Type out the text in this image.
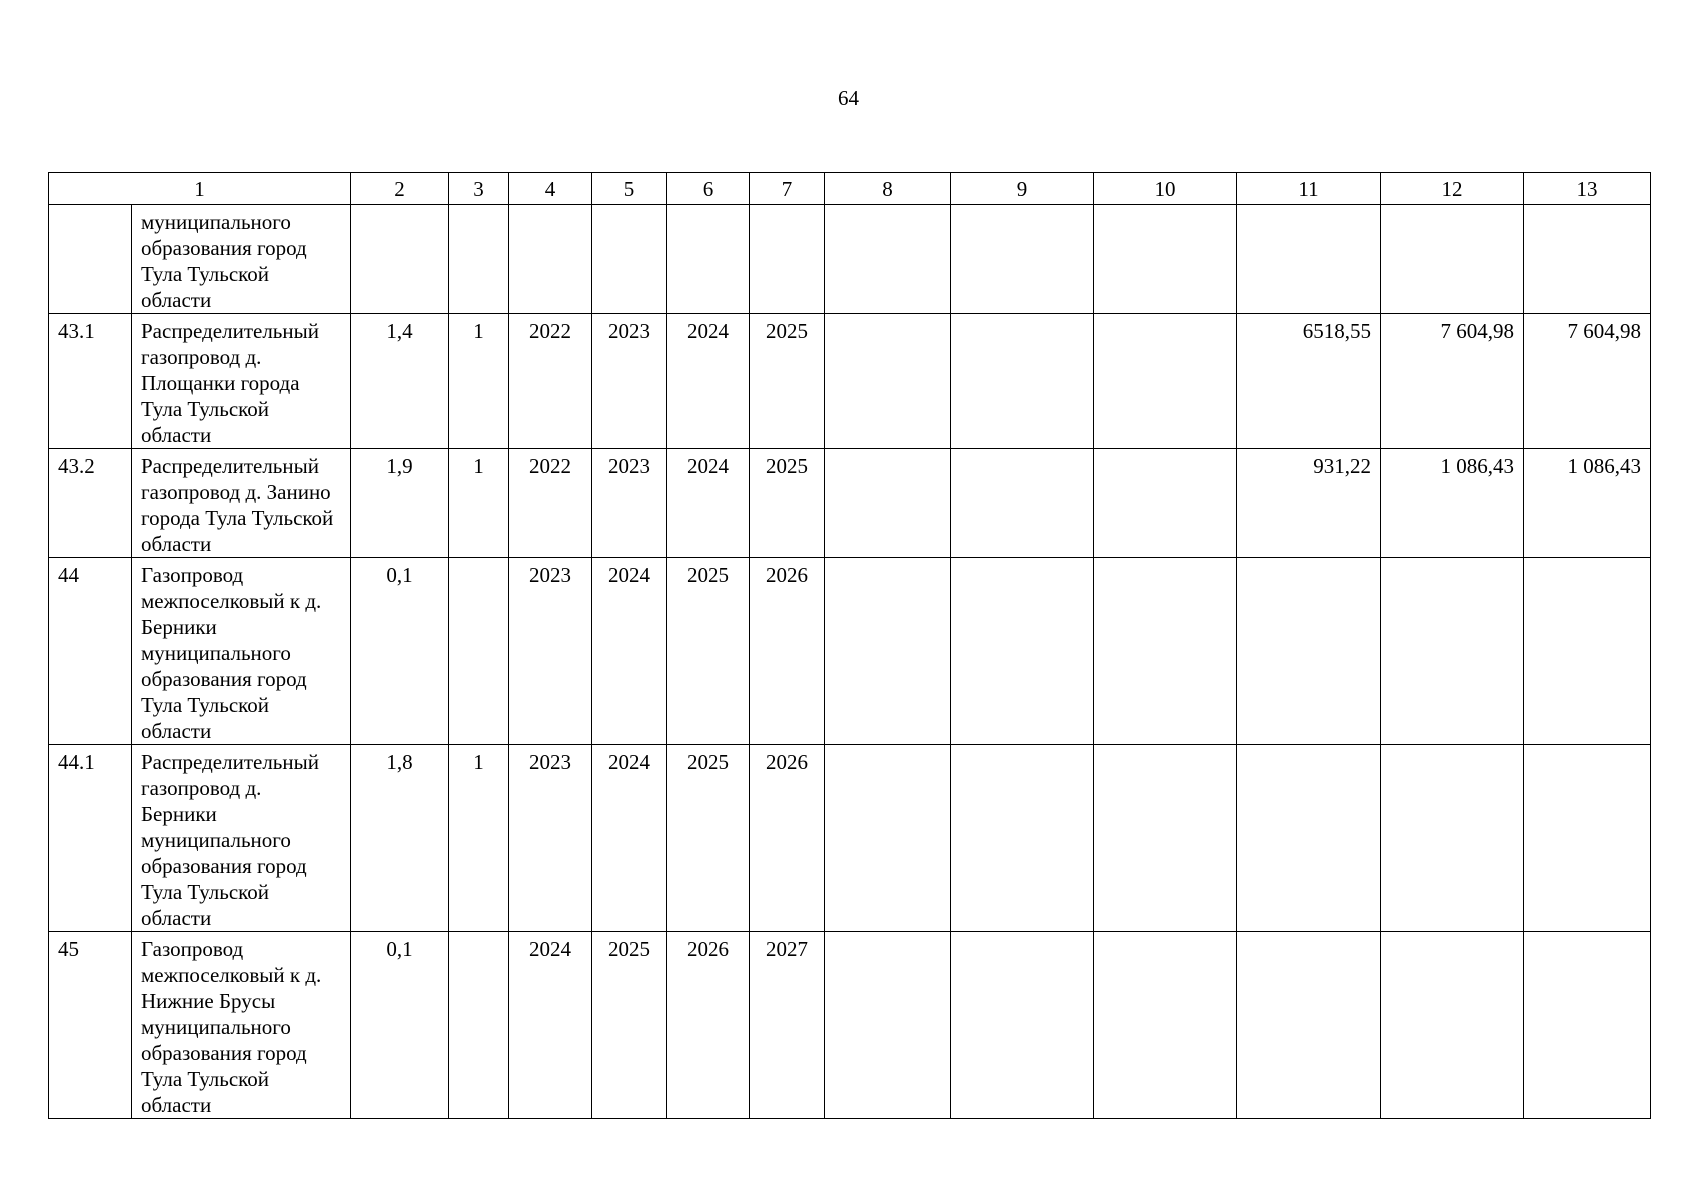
64
1		2	3	4	5	6	7	8	9	10	11	12	13
	муниципального образования город Тула Тульской области												
43.1	Распределительный газопровод д. Площанки города Тула Тульской области	1,4	1	2022	2023	2024	2025				6518,55	7 604,98	7 604,98
43.2	Распределительный газопровод д. Занино города Тула Тульской области	1,9	1	2022	2023	2024	2025				931,22	1 086,43	1 086,43
44	Газопровод межпоселковый к д. Берники муниципального образования город Тула Тульской области	0,1		2023	2024	2025	2026						
44.1	Распределительный газопровод д. Берники муниципального образования город Тула Тульской области	1,8	1	2023	2024	2025	2026						
45	Газопровод межпоселковый к д. Нижние Брусы муниципального образования город Тула Тульской области	0,1		2024	2025	2026	2027						
